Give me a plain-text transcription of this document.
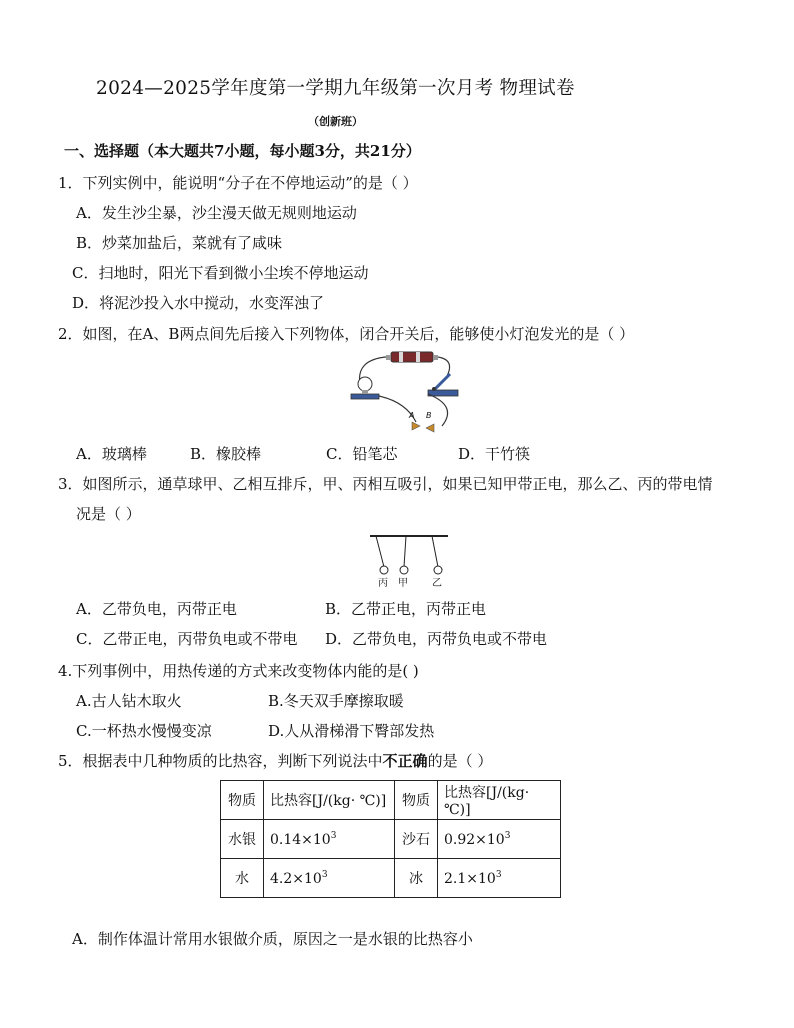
2024—2025学年度第一学期九年级第一次月考 物理试卷
（创新班）
一、选择题（本大题共7小题，每小题3分，共21分）
1．下列实例中，能说明“分子在不停地运动”的是（ ）
A．发生沙尘暴，沙尘漫天做无规则地运动
B．炒菜加盐后，菜就有了咸味
C．扫地时，阳光下看到微小尘埃不停地运动
D．将泥沙投入水中搅动，水变浑浊了
2．如图，在A、B两点间先后接入下列物体，闭合开关后，能够使小灯泡发光的是（ ）
A B
A．玻璃棒	B．橡胶棒	C．铅笔芯	D．干竹筷
3．如图所示，通草球甲、乙相互排斥，甲、丙相互吸引，如果已知甲带正电，那么乙、丙的带电情
况是（ ）
丙 甲 乙
A．乙带负电，丙带正电	B．乙带正电，丙带正电
C．乙带正电，丙带负电或不带电 D．乙带负电，丙带负电或不带电
4.下列事例中，用热传递的方式来改变物体内能的是( )
A.古人钻木取火	B.冬天双手摩擦取暖
C.一杯热水慢慢变凉	D.人从滑梯滑下臀部发热
5．根据表中几种物质的比热容，判断下列说法中不正确的是（ ）
物质	比热容[J/(kg· ℃)]	物质	比热容[J/(kg· ℃)]
水银	$0.14\times 10^3$	沙石	$0.92\times 10^3$
水	$4.2\times 10^3$	冰	$2.1\times 10^3$
A．制作体温计常用水银做介质，原因之一是水银的比热容小
